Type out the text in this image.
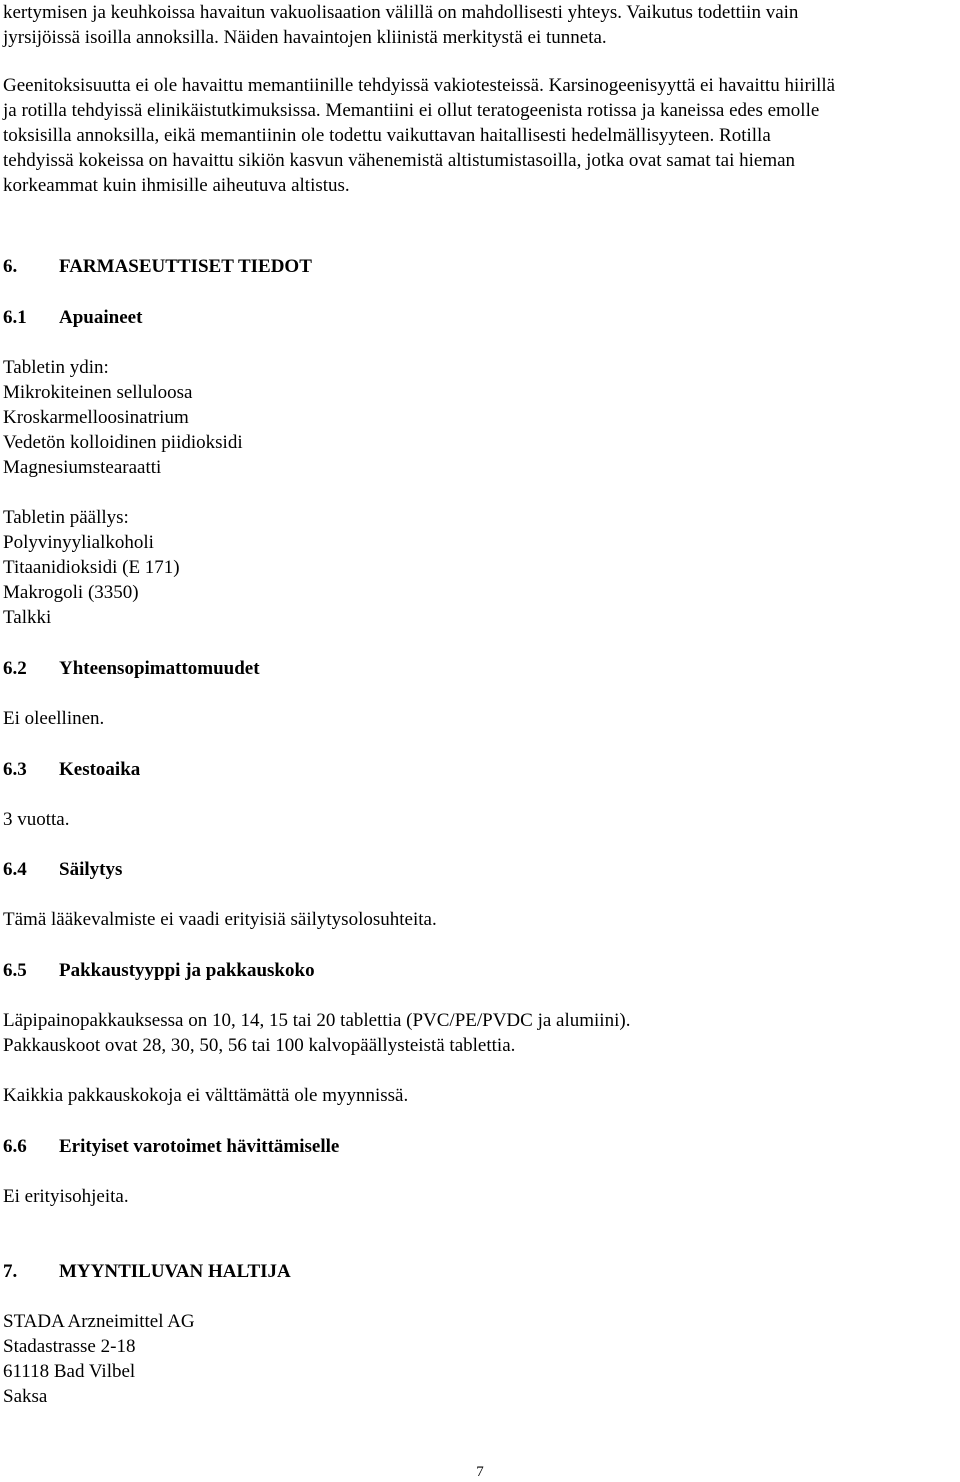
kertymisen ja keuhkoissa havaitun vakuolisaation välillä on mahdollisesti yhteys. Vaikutus todettiin vain
jyrsijöissä isoilla annoksilla. Näiden havaintojen kliinistä merkitystä ei tunneta.
Geenitoksisuutta ei ole havaittu memantiinille tehdyissä vakiotesteissä. Karsinogeenisyyttä ei havaittu hiirillä
ja rotilla tehdyissä elinikäistutkimuksissa. Memantiini ei ollut teratogeenista rotissa ja kaneissa edes emolle
toksisilla annoksilla, eikä memantiinin ole todettu vaikuttavan haitallisesti hedelmällisyyteen. Rotilla
tehdyissä kokeissa on havaittu sikiön kasvun vähenemistä altistumistasoilla, jotka ovat samat tai hieman
korkeammat kuin ihmisille aiheutuva altistus.
6. FARMASEUTTISET TIEDOT
6.1 Apuaineet
Tabletin ydin:
Mikrokiteinen selluloosa
Kroskarmelloosinatrium
Vedetön kolloidinen piidioksidi
Magnesiumstearaatti
Tabletin päällys:
Polyvinyylialkoholi
Titaanidioksidi (E 171)
Makrogoli (3350)
Talkki
6.2 Yhteensopimattomuudet
Ei oleellinen.
6.3 Kestoaika
3 vuotta.
6.4 Säilytys
Tämä lääkevalmiste ei vaadi erityisiä säilytysolosuhteita.
6.5 Pakkaustyyppi ja pakkauskoko
Läpipainopakkauksessa on 10, 14, 15 tai 20 tablettia (PVC/PE/PVDC ja alumiini).
Pakkauskoot ovat 28, 30, 50, 56 tai 100 kalvopäällysteistä tablettia.
Kaikkia pakkauskokoja ei välttämättä ole myynnissä.
6.6 Erityiset varotoimet hävittämiselle
Ei erityisohjeita.
7. MYYNTILUVAN HALTIJA
STADA Arzneimittel AG
Stadastrasse 2-18
61118 Bad Vilbel
Saksa
7
